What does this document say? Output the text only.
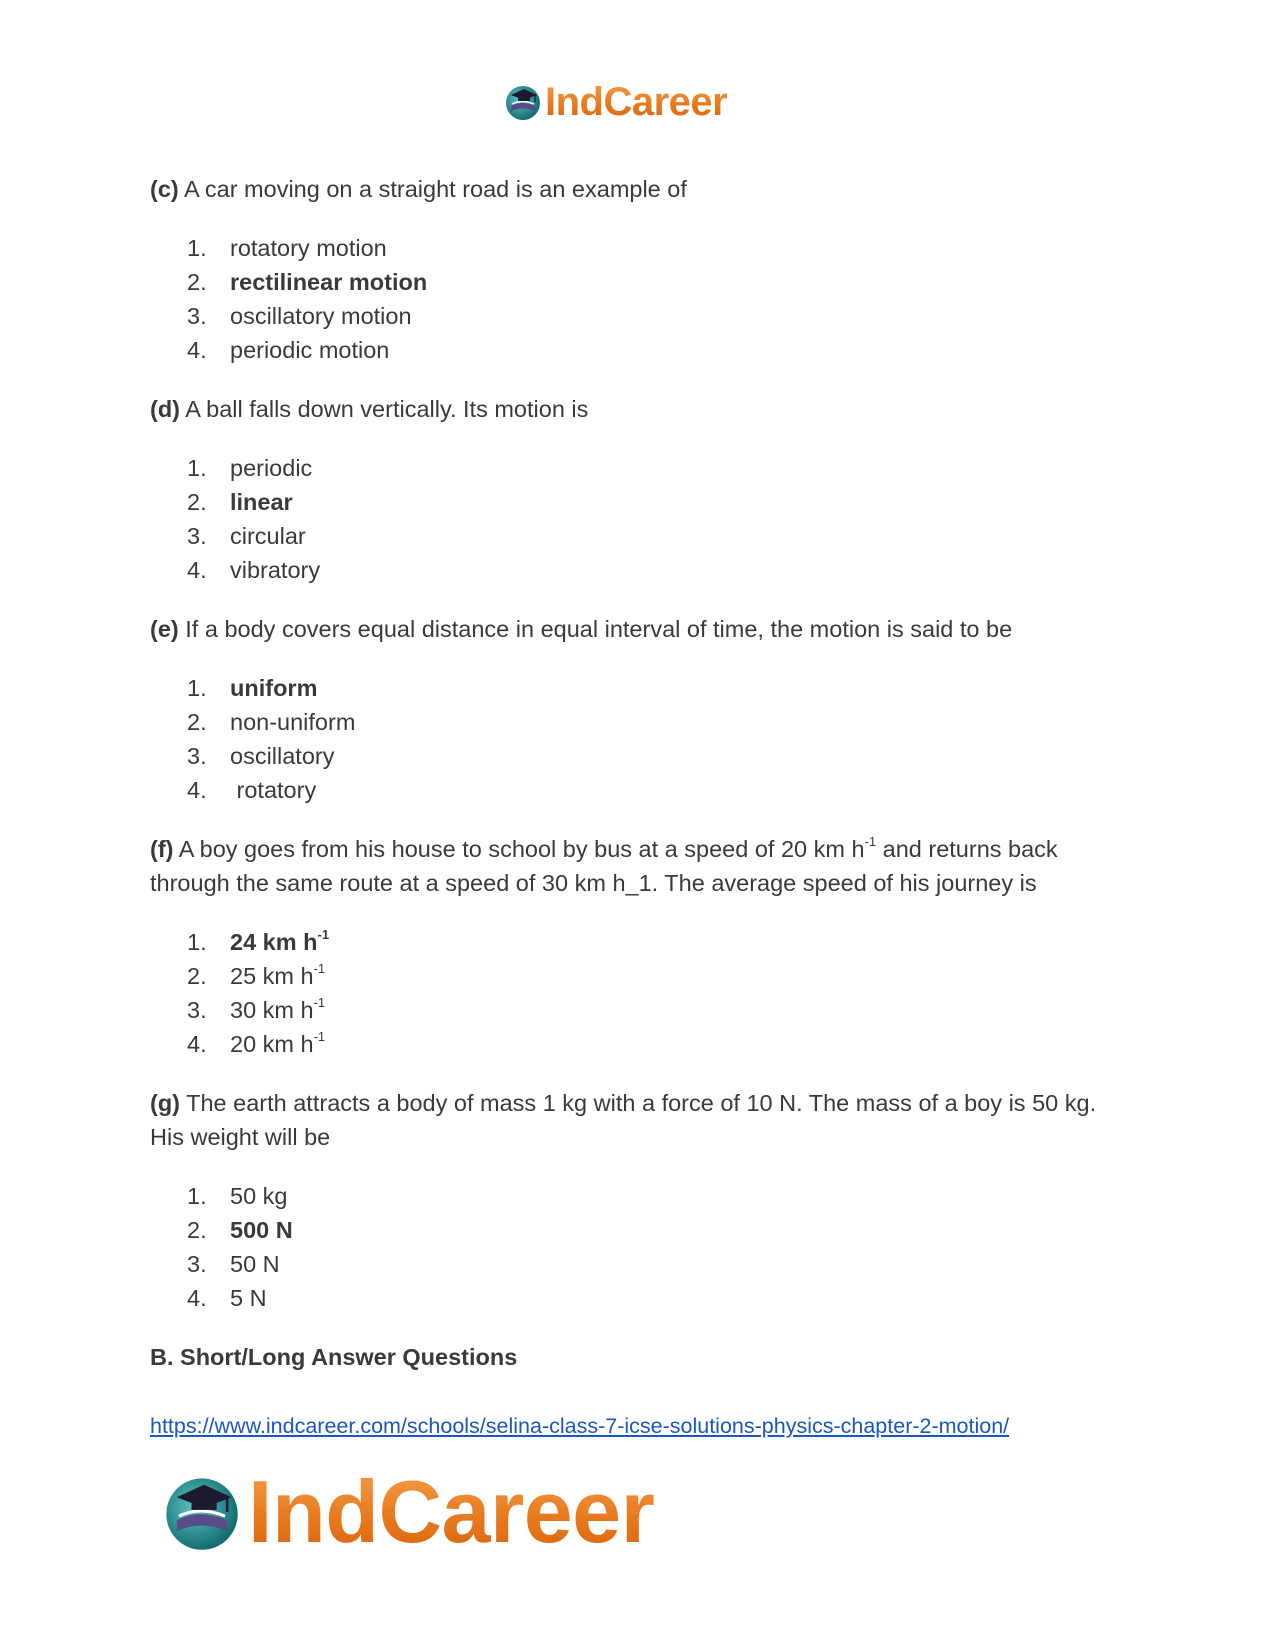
IndCareer
(c) A car moving on a straight road is an example of
1. rotatory motion
2. rectilinear motion
3. oscillatory motion
4. periodic motion
(d) A ball falls down vertically. Its motion is
1. periodic
2. linear
3. circular
4. vibratory
(e) If a body covers equal distance in equal interval of time, the motion is said to be
1. uniform
2. non-uniform
3. oscillatory
4. rotatory
(f) A boy goes from his house to school by bus at a speed of 20 km $h^{-1}$ and returns back through the same route at a speed of 30 km h_1. The average speed of his journey is
1. 24 km $h^{-1}$
2. 25 km $h^{-1}$
3. 30 km $h^{-1}$
4. 20 km $h^{-1}$
(g) The earth attracts a body of mass 1 kg with a force of 10 N. The mass of a boy is 50 kg. His weight will be
1. 50 kg
2. 500 N
3. 50 N
4. 5 N
B. Short/Long Answer Questions
https://www.indcareer.com/schools/selina-class-7-icse-solutions-physics-chapter-2-motion/
IndCareer
